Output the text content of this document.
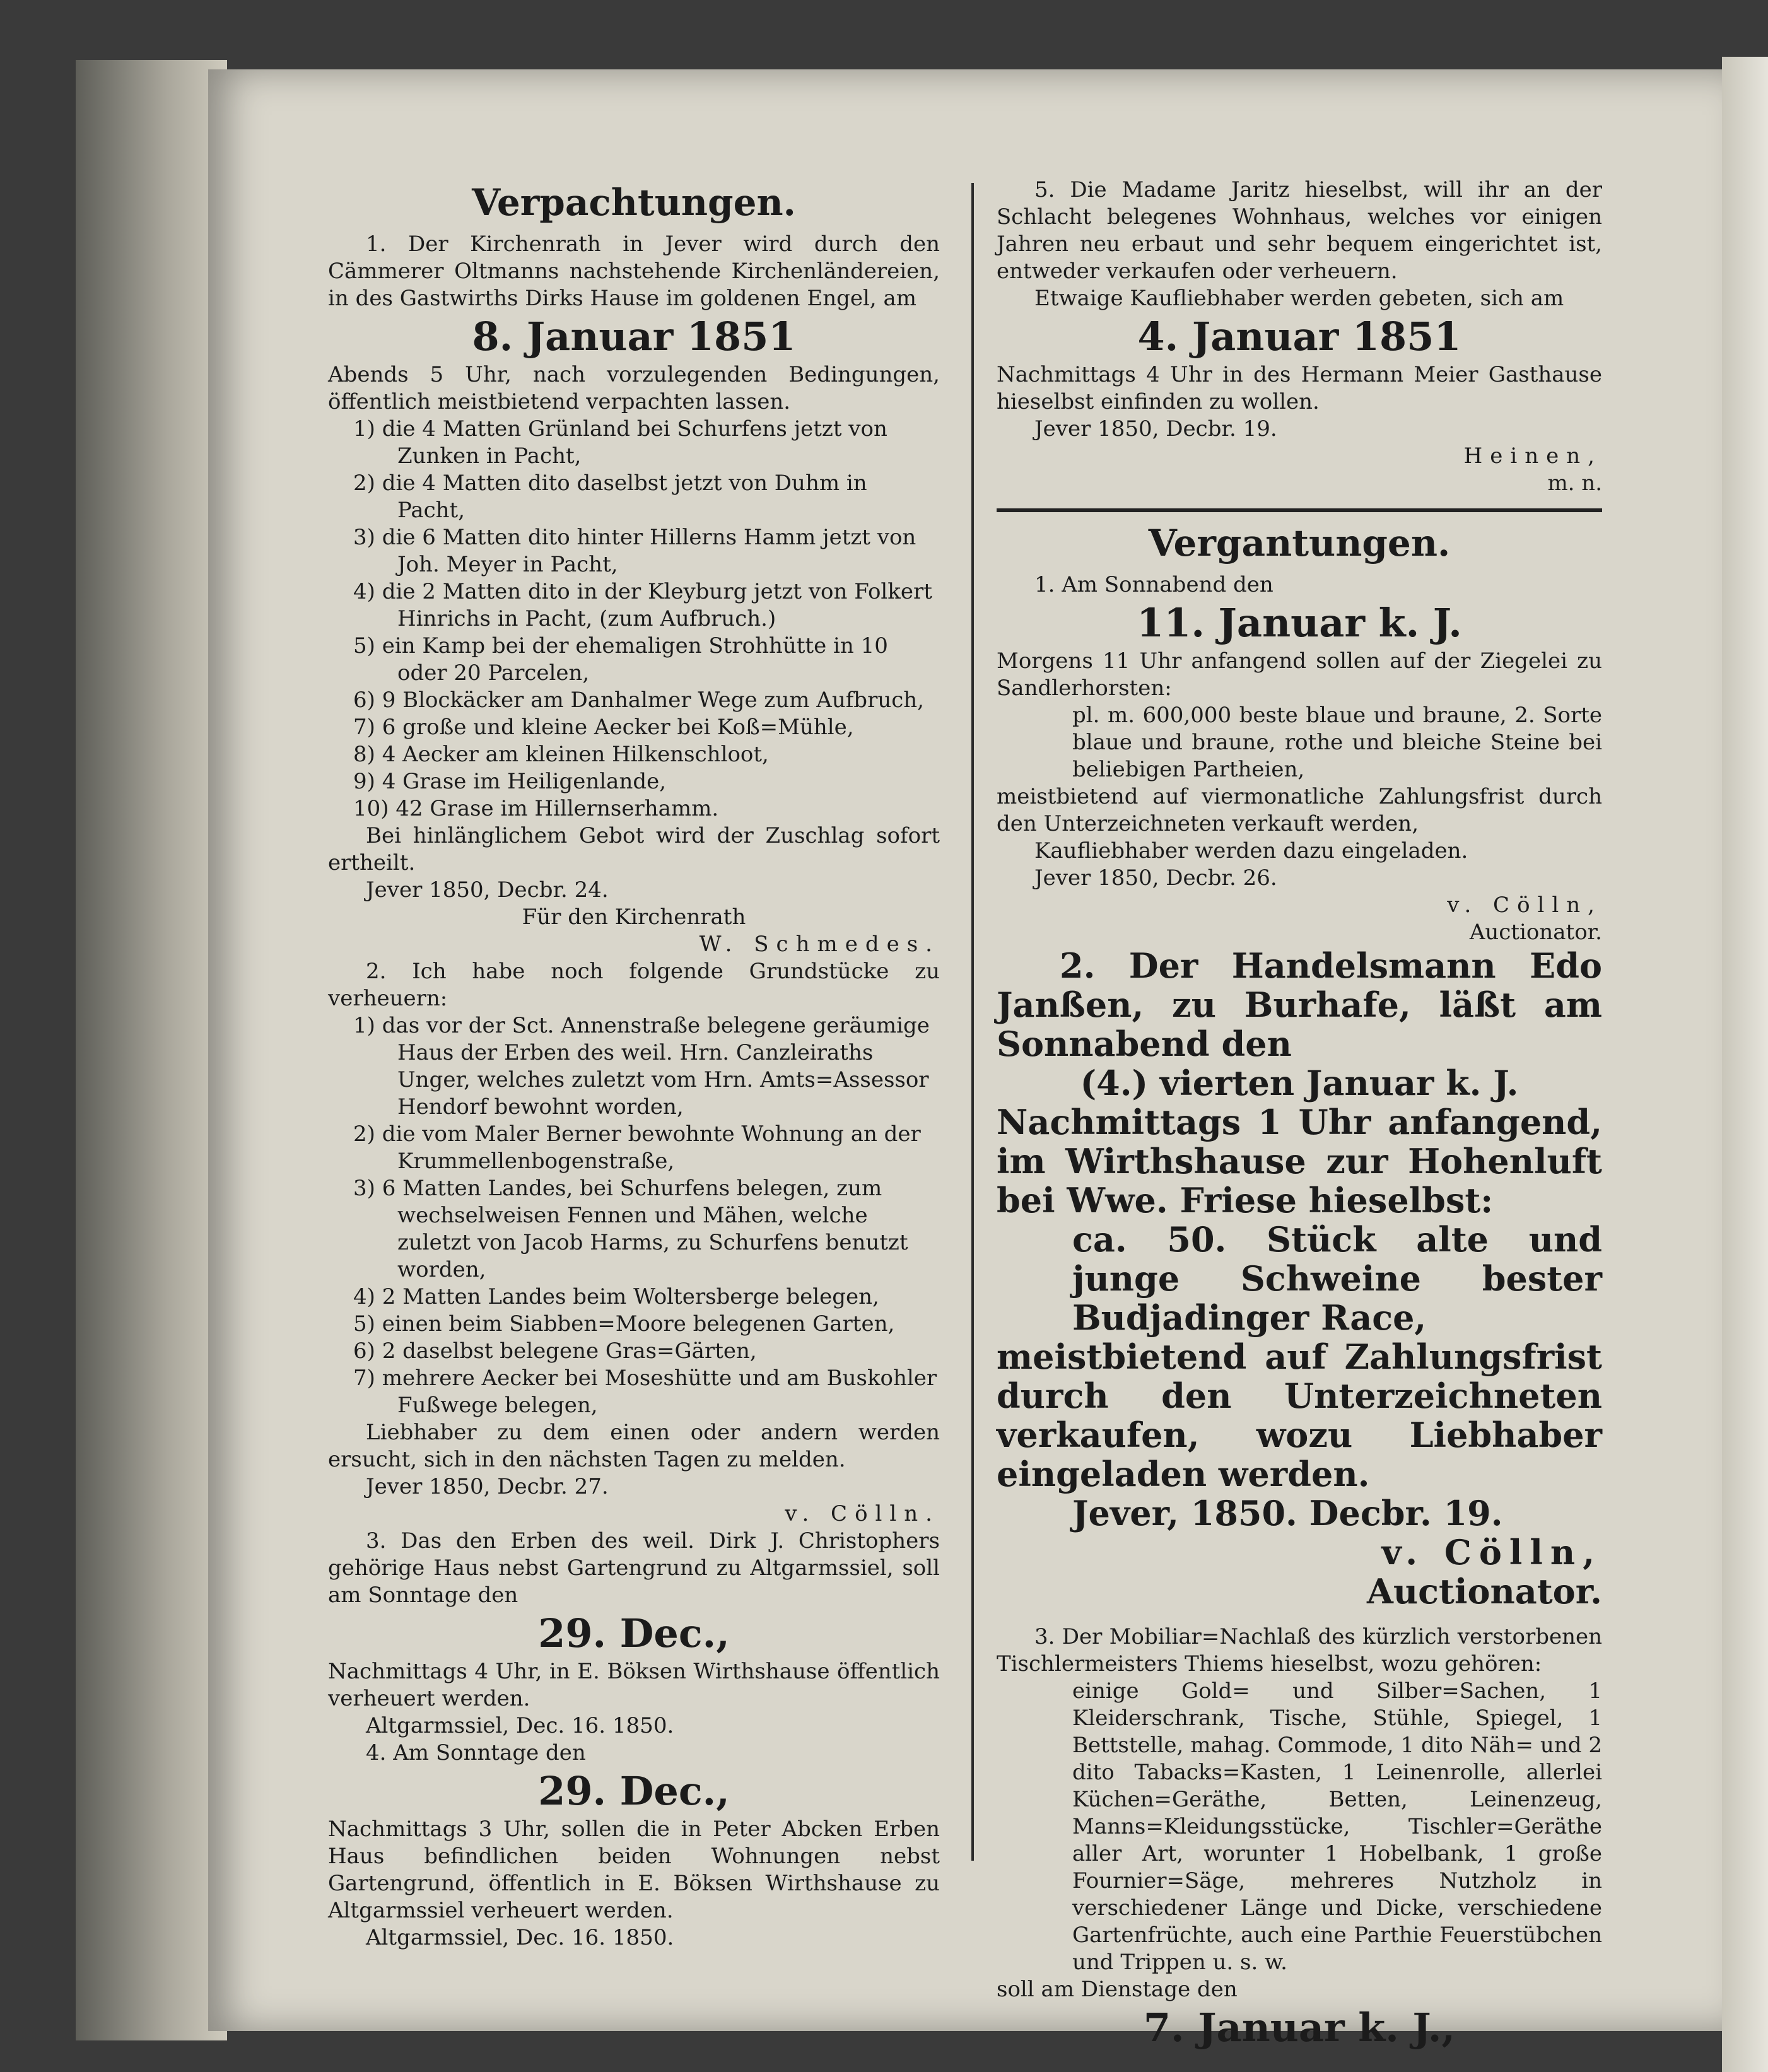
Verpachtungen.

1. Der Kirchenrath in Jever wird durch den Cämmerer Oltmanns nachstehende Kirchenländereien, in des Gastwirths Dirks Hause im goldenen Engel, am

8. Januar 1851

Abends 5 Uhr, nach vorzulegenden Bedingungen, öffentlich meistbietend verpachten lassen.

1) die 4 Matten Grünland bei Schurfens jetzt von Zunken in Pacht,
2) die 4 Matten dito daselbst jetzt von Duhm in Pacht,
3) die 6 Matten dito hinter Hillerns Hamm jetzt von Joh. Meyer in Pacht,
4) die 2 Matten dito in der Kleyburg jetzt von Folkert Hinrichs in Pacht, (zum Aufbruch.)
5) ein Kamp bei der ehemaligen Strohhütte in 10 oder 20 Parcelen,
6) 9 Blockäcker am Danhalmer Wege zum Aufbruch,
7) 6 große und kleine Aecker bei Koß=Mühle,
8) 4 Aecker am kleinen Hilkenschloot,
9) 4 Grase im Heiligenlande,
10) 42 Grase im Hillernserhamm.

Bei hinlänglichem Gebot wird der Zuschlag sofort ertheilt.

Jever 1850, Decbr. 24.

Für den Kirchenrath

W. Schmedes.

2. Ich habe noch folgende Grundstücke zu verheuern:

1) das vor der Sct. Annenstraße belegene geräumige Haus der Erben des weil. Hrn. Canzleiraths Unger, welches zuletzt vom Hrn. Amts=Assessor Hendorf bewohnt worden,
2) die vom Maler Berner bewohnte Wohnung an der Krummellenbogenstraße,
3) 6 Matten Landes, bei Schurfens belegen, zum wechselweisen Fennen und Mähen, welche zuletzt von Jacob Harms, zu Schurfens benutzt worden,
4) 2 Matten Landes beim Woltersberge belegen,
5) einen beim Siabben=Moore belegenen Garten,
6) 2 daselbst belegene Gras=Gärten,
7) mehrere Aecker bei Moseshütte und am Buskohler Fußwege belegen,

Liebhaber zu dem einen oder andern werden ersucht, sich in den nächsten Tagen zu melden.

Jever 1850, Decbr. 27.

v. Cölln.

3. Das den Erben des weil. Dirk J. Christophers gehörige Haus nebst Gartengrund zu Altgarmssiel, soll am Sonntage den

29. Dec.,

Nachmittags 4 Uhr, in E. Böksen Wirthshause öffentlich verheuert werden.

Altgarmssiel, Dec. 16. 1850.

4. Am Sonntage den

29. Dec.,

Nachmittags 3 Uhr, sollen die in Peter Abcken Erben Haus befindlichen beiden Wohnungen nebst Gartengrund, öffentlich in E. Böksen Wirthshause zu Altgarmssiel verheuert werden.

Altgarmssiel, Dec. 16. 1850.

5. Die Madame Jaritz hieselbst, will ihr an der Schlacht belegenes Wohnhaus, welches vor einigen Jahren neu erbaut und sehr bequem eingerichtet ist, entweder verkaufen oder verheuern.

Etwaige Kaufliebhaber werden gebeten, sich am

4. Januar 1851

Nachmittags 4 Uhr in des Hermann Meier Gasthause hieselbst einfinden zu wollen.

Jever 1850, Decbr. 19.

Heinen,

m. n.

Vergantungen.

1. Am Sonnabend den

11. Januar k. J.

Morgens 11 Uhr anfangend sollen auf der Ziegelei zu Sandlerhorsten:

pl. m. 600,000 beste blaue und braune, 2. Sorte blaue und braune, rothe und bleiche Steine bei beliebigen Partheien,

meistbietend auf viermonatliche Zahlungsfrist durch den Unterzeichneten verkauft werden,

Kaufliebhaber werden dazu eingeladen.

Jever 1850, Decbr. 26.

v. Cölln,

Auctionator.

2. Der Handelsmann Edo Janßen, zu Burhafe, läßt am Sonnabend den

(4.) vierten Januar k. J.

Nachmittags 1 Uhr anfangend, im Wirthshause zur Hohenluft bei Wwe. Friese hieselbst:

ca. 50. Stück alte und junge Schweine bester Budjadinger Race,

meistbietend auf Zahlungsfrist durch den Unterzeichneten verkaufen, wozu Liebhaber eingeladen werden.

Jever, 1850. Decbr. 19.

v. Cölln,

Auctionator.

3. Der Mobiliar=Nachlaß des kürzlich verstorbenen Tischlermeisters Thiems hieselbst, wozu gehören:

einige Gold= und Silber=Sachen, 1 Kleiderschrank, Tische, Stühle, Spiegel, 1 Bettstelle, mahag. Commode, 1 dito Näh= und 2 dito Tabacks=Kasten, 1 Leinenrolle, allerlei Küchen=Geräthe, Betten, Leinenzeug, Manns=Kleidungsstücke, Tischler=Geräthe aller Art, worunter 1 Hobelbank, 1 große Fournier=Säge, mehreres Nutzholz in verschiedener Länge und Dicke, verschiedene Gartenfrüchte, auch eine Parthie Feuerstübchen und Trippen u. s. w.

soll am Dienstage den

7. Januar k. J.,
